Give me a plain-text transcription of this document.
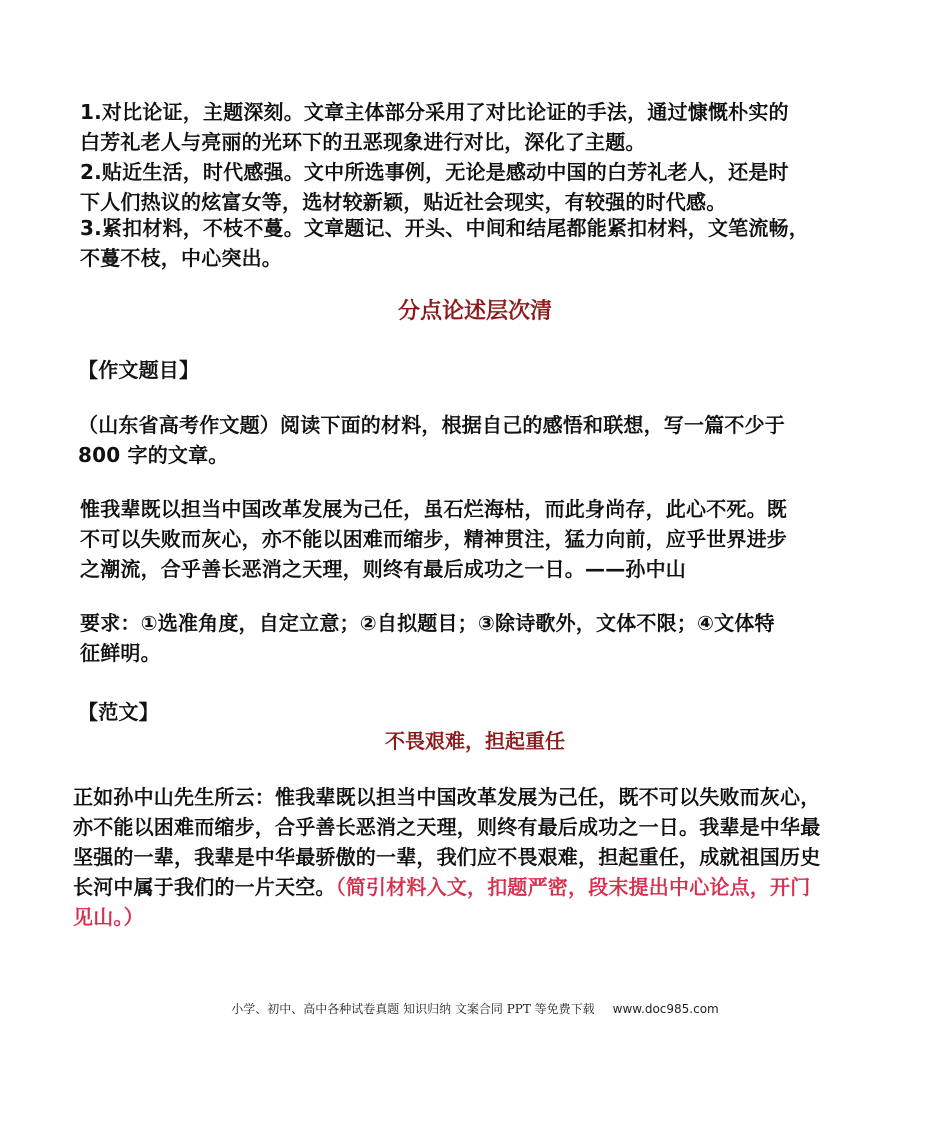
1.对比论证，主题深刻。文章主体部分采用了对比论证的手法，通过慷慨朴实的
白芳礼老人与亮丽的光环下的丑恶现象进行对比，深化了主题。
2.贴近生活，时代感强。文中所选事例，无论是感动中国的白芳礼老人，还是时
下人们热议的炫富女等，选材较新颖，贴近社会现实，有较强的时代感。
3.紧扣材料，不枝不蔓。文章题记、开头、中间和结尾都能紧扣材料，文笔流畅，
不蔓不枝，中心突出。
分点论述层次清
【作文题目】
（山东省高考作文题）阅读下面的材料，根据自己的感悟和联想，写一篇不少于
800 字的文章。
惟我辈既以担当中国改革发展为己任，虽石烂海枯，而此身尚存，此心不死。既
不可以失败而灰心，亦不能以困难而缩步，精神贯注，猛力向前，应乎世界进步
之潮流，合乎善长恶消之天理，则终有最后成功之一日。——孙中山
要求：①选准角度，自定立意；②自拟题目；③除诗歌外，文体不限；④文体特
征鲜明。
【范文】
不畏艰难，担起重任
正如孙中山先生所云：惟我辈既以担当中国改革发展为己任，既不可以失败而灰心，
亦不能以困难而缩步，合乎善长恶消之天理，则终有最后成功之一日。我辈是中华最
坚强的一辈，我辈是中华最骄傲的一辈，我们应不畏艰难，担起重任，成就祖国历史
长河中属于我们的一片天空。（简引材料入文，扣题严密，段末提出中心论点，开门
见山。）
小学、初中、高中各种试卷真题 知识归纳 文案合同 PPT 等免费下载 www.doc985.com
